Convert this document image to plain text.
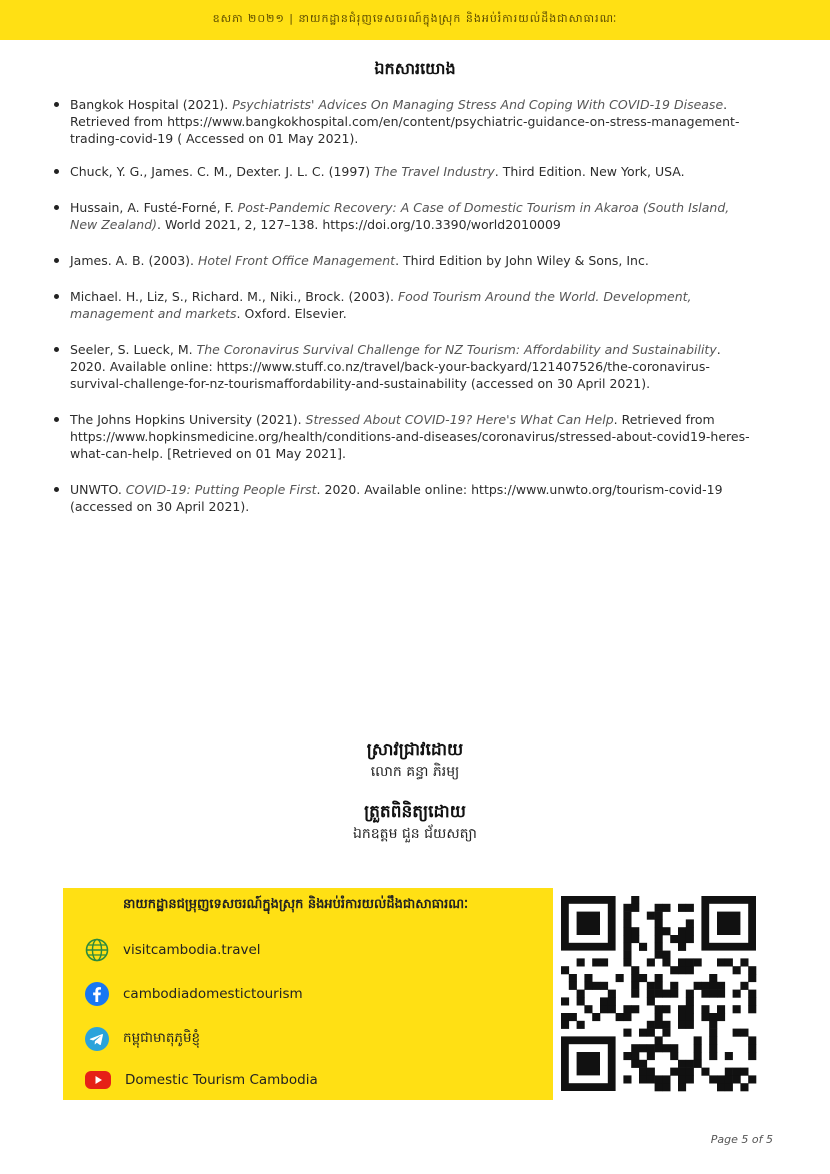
ឧសភា ២០២១ | នាយកដ្ឋានជំរុញទេសចរណ៍ក្នុងស្រុក និងអប់រំការយល់ដឹងជាសាធារណៈ
ឯកសារយោង
Bangkok Hospital (2021). Psychiatrists' Advices On Managing Stress And Coping With COVID-19 Disease. Retrieved from https://www.bangkokhospital.com/en/content/psychiatric-guidance-on-stress-management-trading-covid-19 ( Accessed on 01 May 2021).
Chuck, Y. G., James. C. M., Dexter. J. L. C. (1997) The Travel Industry. Third Edition. New York, USA.
Hussain, A. Fusté-Forné, F. Post-Pandemic Recovery: A Case of Domestic Tourism in Akaroa (South Island, New Zealand). World 2021, 2, 127–138. https://doi.org/10.3390/world2010009
James. A. B. (2003). Hotel Front Office Management. Third Edition by John Wiley & Sons, Inc.
Michael. H., Liz, S., Richard. M., Niki., Brock. (2003). Food Tourism Around the World. Development, management and markets. Oxford. Elsevier.
Seeler, S. Lueck, M. The Coronavirus Survival Challenge for NZ Tourism: Affordability and Sustainability. 2020. Available online: https://www.stuff.co.nz/travel/back-your-backyard/121407526/the-coronavirus-survival-challenge-for-nz-tourismaffordability-and-sustainability (accessed on 30 April 2021).
The Johns Hopkins University (2021). Stressed About COVID-19? Here's What Can Help. Retrieved from https://www.hopkinsmedicine.org/health/conditions-and-diseases/coronavirus/stressed-about-covid19-heres-what-can-help. [Retrieved on 01 May 2021].
UNWTO. COVID-19: Putting People First. 2020. Available online: https://www.unwto.org/tourism-covid-19 (accessed on 30 April 2021).
ស្រាវជ្រាវដោយ
លោក គន្ធា ភិរម្យ
ត្រួតពិនិត្យដោយ
ឯកឧត្តម ជួន ជ័យសត្យា
នាយកដ្ឋានជម្រុញទេសចរណ៍ក្នុងស្រុក និងអប់រំការយល់ដឹងជាសាធារណៈ
visitcambodia.travel
cambodiadomestictourism
កម្ពុជាមាតុភូមិខ្ញុំ
Domestic Tourism Cambodia
Page 5 of 5
